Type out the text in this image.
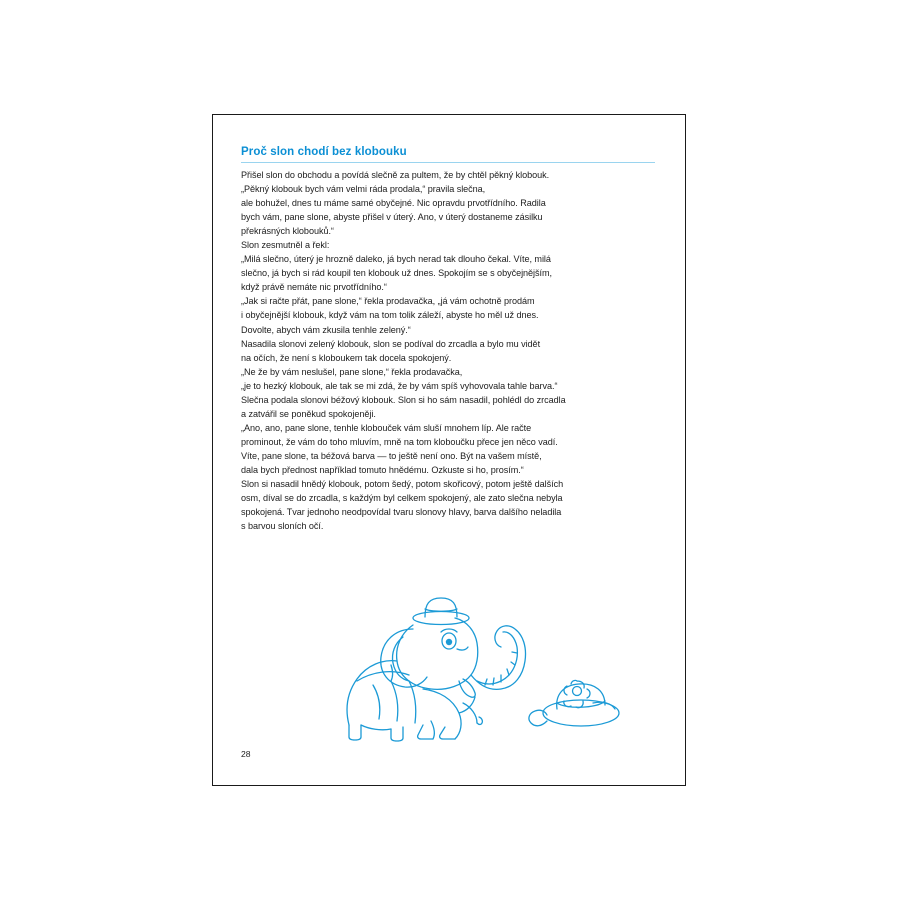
Proč slon chodí bez klobouku

Přišel slon do obchodu a povídá slečně za pultem, že by chtěl pěkný klobouk.

„Pěkný klobouk bych vám velmi ráda prodala,“ pravila slečna,

ale bohužel, dnes tu máme samé obyčejné. Nic opravdu prvotřídního. Radila

bych vám, pane slone, abyste přišel v úterý. Ano, v úterý dostaneme zásilku

překrásných klobouků.“

Slon zesmutněl a řekl:

„Milá slečno, úterý je hrozně daleko, já bych nerad tak dlouho čekal. Víte, milá

slečno, já bych si rád koupil ten klobouk už dnes. Spokojím se s obyčejnějším,

když právě nemáte nic prvotřídního.“

„Jak si račte přát, pane slone,“ řekla prodavačka, „já vám ochotně prodám

i obyčejnější klobouk, když vám na tom tolik záleží, abyste ho měl už dnes.

Dovolte, abych vám zkusila tenhle zelený.“

Nasadila slonovi zelený klobouk, slon se podíval do zrcadla a bylo mu vidět

na očích, že není s kloboukem tak docela spokojený.

„Ne že by vám neslušel, pane slone,“ řekla prodavačka,

„je to hezký klobouk, ale tak se mi zdá, že by vám spíš vyhovovala tahle barva.“

Slečna podala slonovi béžový klobouk. Slon si ho sám nasadil, pohlédl do zrcadla

a zatvářil se poněkud spokojeněji.

„Ano, ano, pane slone, tenhle klobouček vám sluší mnohem líp. Ale račte

prominout, že vám do toho mluvím, mně na tom kloboučku přece jen něco vadí.

Víte, pane slone, ta béžová barva — to ještě není ono. Být na vašem místě,

dala bych přednost například tomuto hnědému. Ozkuste si ho, prosím.“

Slon si nasadil hnědý klobouk, potom šedý, potom skořicový, potom ještě dalších

osm, díval se do zrcadla, s každým byl celkem spokojený, ale zato slečna nebyla

spokojená. Tvar jednoho neodpovídal tvaru slonovy hlavy, barva dalšího neladila

s barvou sloních očí.

28
